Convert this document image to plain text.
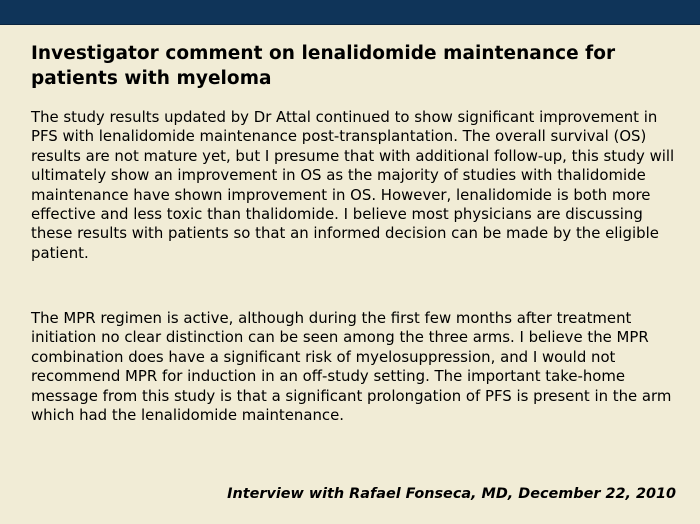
Investigator comment on lenalidomide maintenance for patients with myeloma

The study results updated by Dr Attal continued to show significant improvement in PFS with lenalidomide maintenance post-transplantation. The overall survival (OS) results are not mature yet, but I presume that with additional follow-up, this study will ultimately show an improvement in OS as the majority of studies with thalidomide maintenance have shown improvement in OS. However, lenalidomide is both more effective and less toxic than thalidomide. I believe most physicians are discussing these results with patients so that an informed decision can be made by the eligible patient.

The MPR regimen is active, although during the first few months after treatment initiation no clear distinction can be seen among the three arms. I believe the MPR combination does have a significant risk of myelosuppression, and I would not recommend MPR for induction in an off-study setting. The important take-home message from this study is that a significant prolongation of PFS is present in the arm which had the lenalidomide maintenance.

Interview with Rafael Fonseca, MD, December 22, 2010
